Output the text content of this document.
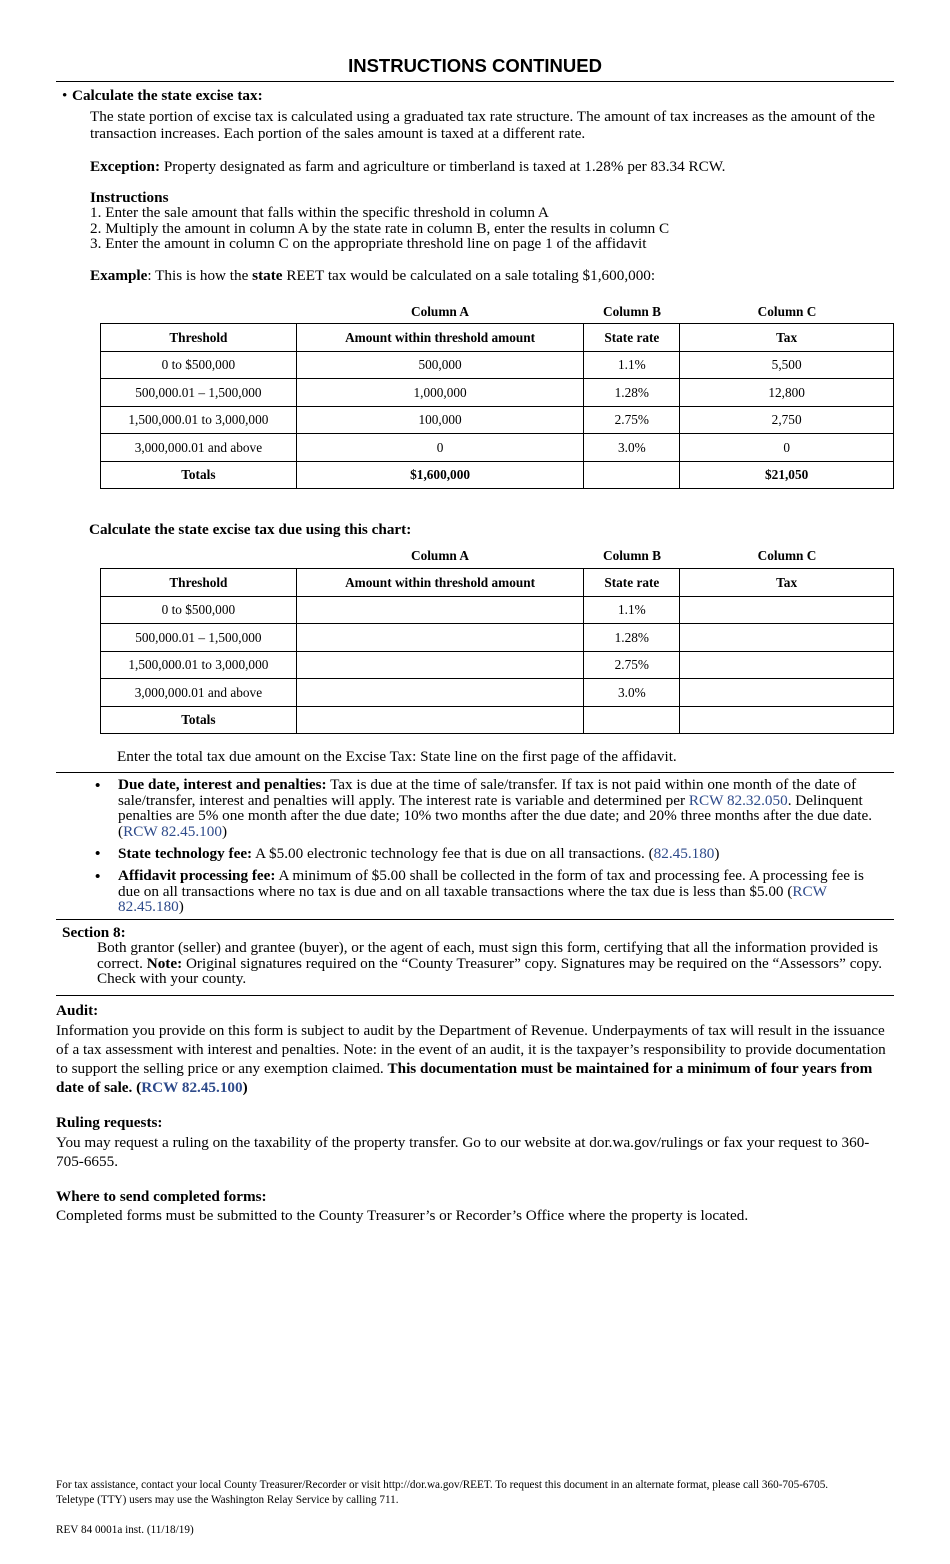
INSTRUCTIONS CONTINUED
• Calculate the state excise tax:

The state portion of excise tax is calculated using a graduated tax rate structure. The amount of tax increases as the amount of the transaction increases. Each portion of the sales amount is taxed at a different rate.

Exception: Property designated as farm and agriculture or timberland is taxed at 1.28% per 83.34 RCW.

Instructions
1. Enter the sale amount that falls within the specific threshold in column A
2. Multiply the amount in column A by the state rate in column B, enter the results in column C
3. Enter the amount in column C on the appropriate threshold line on page 1 of the affidavit

Example: This is how the state REET tax would be calculated on a sale totaling $1,600,000:

Column A	Column B	Column C
Threshold	Amount within threshold amount	State rate	Tax
0 to $500,000	500,000	1.1%	5,500
500,000.01 – 1,500,000	1,000,000	1.28%	12,800
1,500,000.01 to 3,000,000	100,000	2.75%	2,750
3,000,000.01 and above	0	3.0%	0
Totals	$1,600,000		$21,050
Calculate the state excise tax due using this chart:
Column A	Column B	Column C
Threshold	Amount within threshold amount	State rate	Tax
0 to $500,000		1.1%	
500,000.01 – 1,500,000		1.28%	
1,500,000.01 to 3,000,000		2.75%	
3,000,000.01 and above		3.0%	
Totals			
Enter the total tax due amount on the Excise Tax: State line on the first page of the affidavit.
• Due date, interest and penalties: Tax is due at the time of sale/transfer. If tax is not paid within one month of the date of sale/transfer, interest and penalties will apply. The interest rate is variable and determined per RCW 82.32.050. Delinquent penalties are 5% one month after the due date; 10% two months after the due date; and 20% three months after the due date. (RCW 82.45.100)

• State technology fee: A $5.00 electronic technology fee that is due on all transactions. (82.45.180)

• Affidavit processing fee: A minimum of $5.00 shall be collected in the form of tax and processing fee. A processing fee is due on all transactions where no tax is due and on all taxable transactions where the tax due is less than $5.00 (RCW 82.45.180)

Section 8:

Both grantor (seller) and grantee (buyer), or the agent of each, must sign this form, certifying that all the information provided is correct. Note: Original signatures required on the “County Treasurer” copy. Signatures may be required on the “Assessors” copy. Check with your county.

Audit:

Information you provide on this form is subject to audit by the Department of Revenue. Underpayments of tax will result in the issuance of a tax assessment with interest and penalties. Note: in the event of an audit, it is the taxpayer’s responsibility to provide documentation to support the selling price or any exemption claimed. This documentation must be maintained for a minimum of four years from date of sale. (RCW 82.45.100)

Ruling requests:

You may request a ruling on the taxability of the property transfer. Go to our website at dor.wa.gov/rulings or fax your request to 360-705-6655.

Where to send completed forms:

Completed forms must be submitted to the County Treasurer’s or Recorder’s Office where the property is located.

For tax assistance, contact your local County Treasurer/Recorder or visit http://dor.wa.gov/REET. To request this document in an alternate format, please call 360-705-6705. Teletype (TTY) users may use the Washington Relay Service by calling 711.

REV 84 0001a inst. (11/18/19)
